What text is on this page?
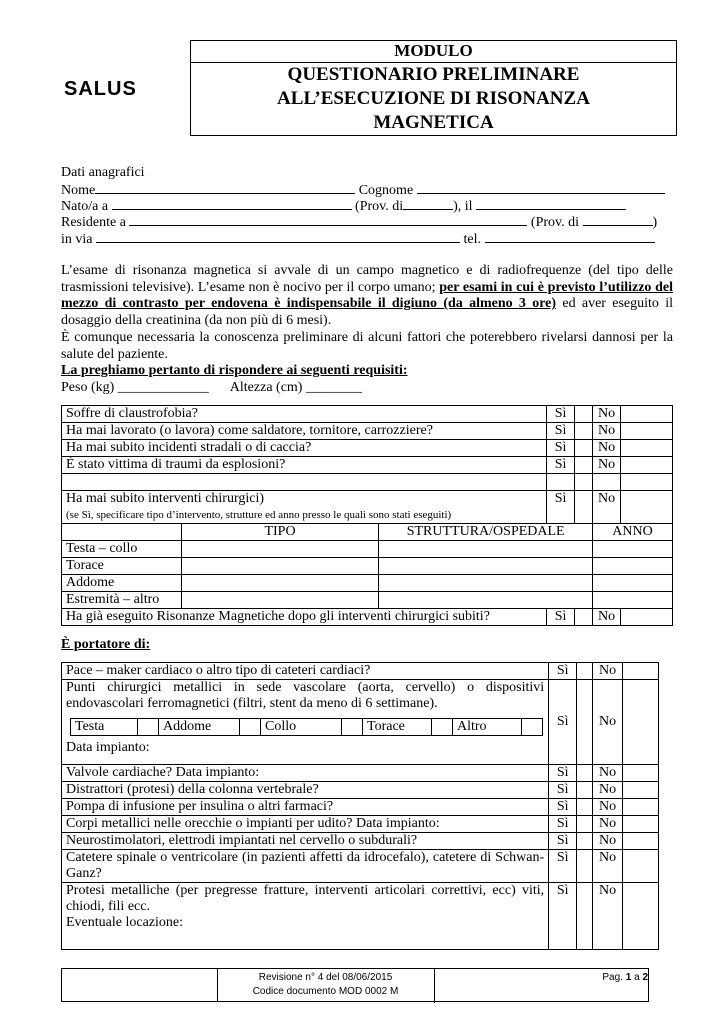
SALUS
MODULO
QUESTIONARIO PRELIMINARE
ALL’ESECUZIONE DI RISONANZA
MAGNETICA
Dati anagrafici
Nome	Cognome
Nato/a a	(Prov. di	), il
Residente a	(Prov. di	)
in via	tel.

L’esame di risonanza magnetica si avvale di un campo magnetico e di radiofrequenze (del tipo delle trasmissioni televisive). L’esame non è nocivo per il corpo umano; per esami in cui è previsto l’utilizzo del mezzo di contrasto per endovena è indispensabile il digiuno (da almeno 3 ore) ed aver eseguito il dosaggio della creatinina (da non più di 6 mesi).

È comunque necessaria la conoscenza preliminare di alcuni fattori che poterebbero rivelarsi dannosi per la salute del paziente.

La preghiamo pertanto di rispondere ai seguenti requisiti:

Peso (kg) _____________ Altezza (cm) ________

Soffre di claustrofobia?			Sì		No	
Ha mai lavorato (o lavora) come saldatore, tornitore, carrozziere?			Sì		No	
Ha mai subito incidenti stradali o di caccia?			Sì		No	
È stato vittima di traumi da esplosioni?			Sì		No	

Ha mai subito interventi chirurgici)
(se Sì, specificare tipo d’intervento, strutture ed anno presso le quali sono stati eseguiti)			Sì		No	
	TIPO	STRUTTURA/OSPEDALE			ANNO	
Testa – collo						
Torace						
Addome						
Estremità – altro						
Ha già eseguito Risonanze Magnetiche dopo gli interventi chirurgici subiti?			Sì		No	
È portatore di:
Pace – maker cardiaco o altro tipo di cateteri cardiaci?	Sì		No	

Punti chirurgici metallici in sede vascolare (aorta, cervello) o dispositivi endovascolari ferromagnetici (filtri, stent da meno di 6 settimane).
Testa		Addome		Collo		Torace		Altro	
Data impianto:
	Sì		No	
Valvole cardiache? Data impianto:	Sì		No	
Distrattori (protesi) della colonna vertebrale?	Sì		No	
Pompa di infusione per insulina o altri farmaci?	Sì		No	
Corpi metallici nelle orecchie o impianti per udito? Data impianto:	Sì		No	
Neurostimolatori, elettrodi impiantati nel cervello o subdurali?	Sì		No	
Catetere spinale o ventricolare (in pazienti affetti da idrocefalo), catetere di Schwan-Ganz?	Sì		No	

Protesi metalliche (per pregresse fratture, interventi articolari correttivi, ecc) viti, chiodi, fili ecc.
Eventuale locazione:
	Sì		No	
Revisione n° 4 del 08/06/2015
Codice documento MOD 0002 M
Pag. 1 a 2
